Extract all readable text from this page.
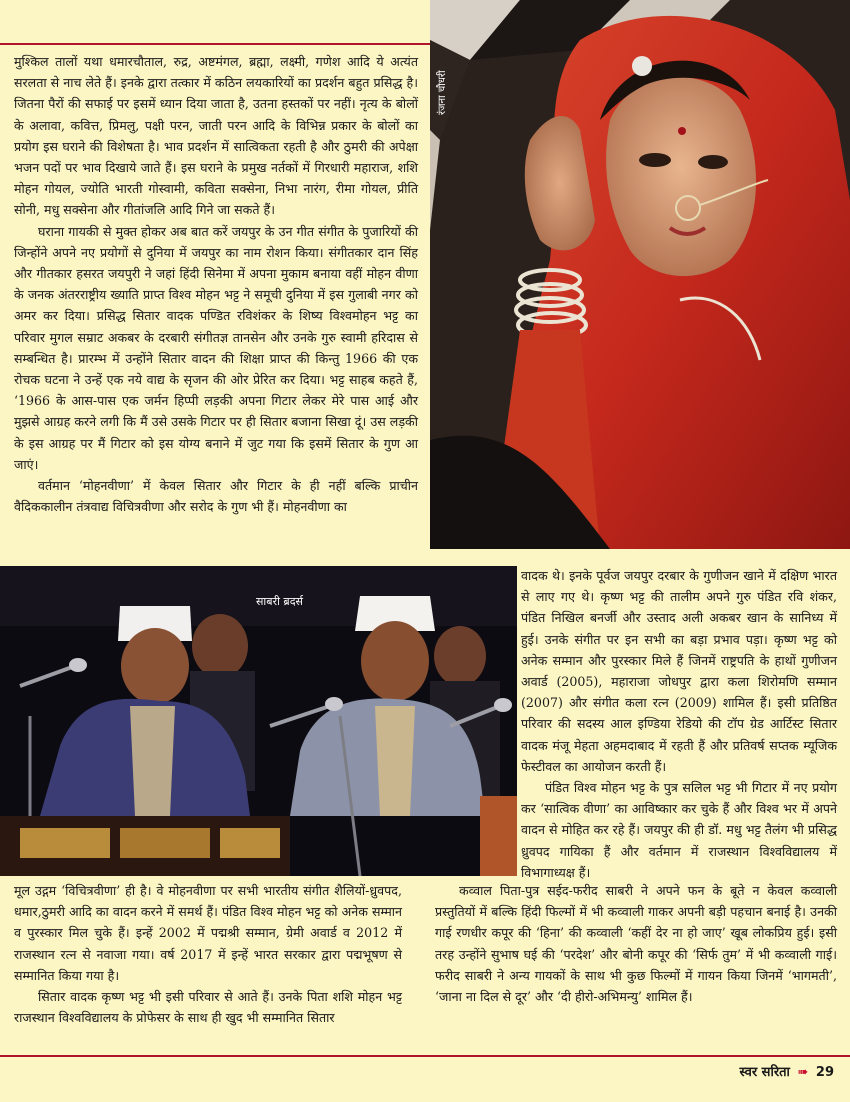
मुश्किल तालों यथा धमारचौताल, रुद्र, अष्टमंगल, ब्रह्मा, लक्ष्मी, गणेश आदि ये अत्यंत सरलता से नाच लेते हैं। इनके द्वारा तत्कार में कठिन लयकारियों का प्रदर्शन बहुत प्रसिद्ध है। जितना पैरों की सफाई पर इसमें ध्यान दिया जाता है, उतना हस्तकों पर नहीं। नृत्य के बोलों के अलावा, कवित्त, प्रिमलु, पक्षी परन, जाती परन आदि के विभिन्न प्रकार के बोलों का प्रयोग इस घराने की विशेषता है। भाव प्रदर्शन में सात्विकता रहती है और ठुमरी की अपेक्षा भजन पदों पर भाव दिखाये जाते हैं। इस घराने के प्रमुख नर्तकों में गिरधारी महाराज, शशि मोहन गोयल, ज्योति भारती गोस्वामी, कविता सक्सेना, निभा नारंग, रीमा गोयल, प्रीति सोनी, मधु सक्सेना और गीतांजलि आदि गिने जा सकते हैं।

घराना गायकी से मुक्त होकर अब बात करें जयपुर के उन गीत संगीत के पुजारियों की जिन्होंने अपने नए प्रयोगों से दुनिया में जयपुर का नाम रोशन किया। संगीतकार दान सिंह और गीतकार हसरत जयपुरी ने जहां हिंदी सिनेमा में अपना मुकाम बनाया वहीं मोहन वीणा के जनक अंतरराष्ट्रीय ख्याति प्राप्त विश्व मोहन भट्ट ने समूची दुनिया में इस गुलाबी नगर को अमर कर दिया। प्रसिद्ध सितार वादक पण्डित रविशंकर के शिष्य विश्वमोहन भट्ट का परिवार मुगल सम्राट अकबर के दरबारी संगीतज्ञ तानसेन और उनके गुरु स्वामी हरिदास से सम्बन्धित है। प्रारम्भ में उन्होंने सितार वादन की शिक्षा प्राप्त की किन्तु 1966 की एक रोचक घटना ने उन्हें एक नये वाद्य के सृजन की ओर प्रेरित कर दिया। भट्ट साहब कहते हैं, ‘1966 के आस-पास एक जर्मन हिप्पी लड़की अपना गिटार लेकर मेरे पास आई और मुझसे आग्रह करने लगी कि मैं उसे उसके गिटार पर ही सितार बजाना सिखा दूं। उस लड़की के इस आग्रह पर मैं गिटार को इस योग्य बनाने में जुट गया कि इसमें सितार के गुण आ जाएं।

वर्तमान ‘मोहनवीणा’ में केवल सितार और गिटार के ही नहीं बल्कि प्राचीन वैदिककालीन तंत्रवाद्य विचित्रवीणा और सरोद के गुण भी हैं। मोहनवीणा का

रंजना चौधरी
साबरी ब्रदर्स

वादक थे। इनके पूर्वज जयपुर दरबार के गुणीजन खाने में दक्षिण भारत से लाए गए थे। कृष्ण भट्ट की तालीम अपने गुरु पंडित रवि शंकर, पंडित निखिल बनर्जी और उस्ताद अली अकबर खान के सानिध्य में हुई। उनके संगीत पर इन सभी का बड़ा प्रभाव पड़ा। कृष्ण भट्ट को अनेक सम्मान और पुरस्कार मिले हैं जिनमें राष्ट्रपति के हाथों गुणीजन अवार्ड (2005), महाराजा जोधपुर द्वारा कला शिरोमणि सम्मान (2007) और संगीत कला रत्न (2009) शामिल हैं। इसी प्रतिष्ठित परिवार की सदस्य आल इण्डिया रेडियो की टॉप ग्रेड आर्टिस्ट सितार वादक मंजू मेहता अहमदाबाद में रहती हैं और प्रतिवर्ष सप्तक म्यूजिक फेस्टीवल का आयोजन करती हैं।

पंडित विश्व मोहन भट्ट के पुत्र सलिल भट्ट भी गिटार में नए प्रयोग कर ‘सात्विक वीणा’ का आविष्कार कर चुके हैं और विश्व भर में अपने वादन से मोहित कर रहे हैं। जयपुर की ही डॉ. मधु भट्ट तैलंग भी प्रसिद्ध ध्रुवपद गायिका हैं और वर्तमान में राजस्थान विश्वविद्यालय में विभागाध्यक्ष हैं।

मूल उद्गम ‘विचित्रवीणा’ ही है। वे मोहनवीणा पर सभी भारतीय संगीत शैलियों-ध्रुवपद, धमार,ठुमरी आदि का वादन करने में समर्थ हैं। पंडित विश्व मोहन भट्ट को अनेक सम्मान व पुरस्कार मिल चुके हैं। इन्हें 2002 में पद्मश्री सम्मान, ग्रेमी अवार्ड व 2012 में राजस्थान रत्न से नवाजा गया। वर्ष 2017 में इन्हें भारत सरकार द्वारा पद्मभूषण से सम्मानित किया गया है।

सितार वादक कृष्ण भट्ट भी इसी परिवार से आते हैं। उनके पिता शशि मोहन भट्ट राजस्थान विश्वविद्यालय के प्रोफेसर के साथ ही खुद भी सम्मानित सितार

कव्वाल पिता-पुत्र सईद-फरीद साबरी ने अपने फन के बूते न केवल कव्वाली प्रस्तुतियों में बल्कि हिंदी फिल्मों में भी कव्वाली गाकर अपनी बड़ी पहचान बनाई है। उनकी गाई रणधीर कपूर की ‘हिना’ की कव्वाली ‘कहीं देर ना हो जाए’ खूब लोकप्रिय हुई। इसी तरह उन्होंने सुभाष घई की ‘परदेश’ और बोनी कपूर की ‘सिर्फ तुम’ में भी कव्वाली गाई। फरीद साबरी ने अन्य गायकों के साथ भी कुछ फिल्मों में गायन किया जिनमें ‘भागमती’, ‘जाना ना दिल से दूर’ और ‘दी हीरो-अभिमन्यु’ शामिल हैं।

स्वर सरिता ➠ 29
